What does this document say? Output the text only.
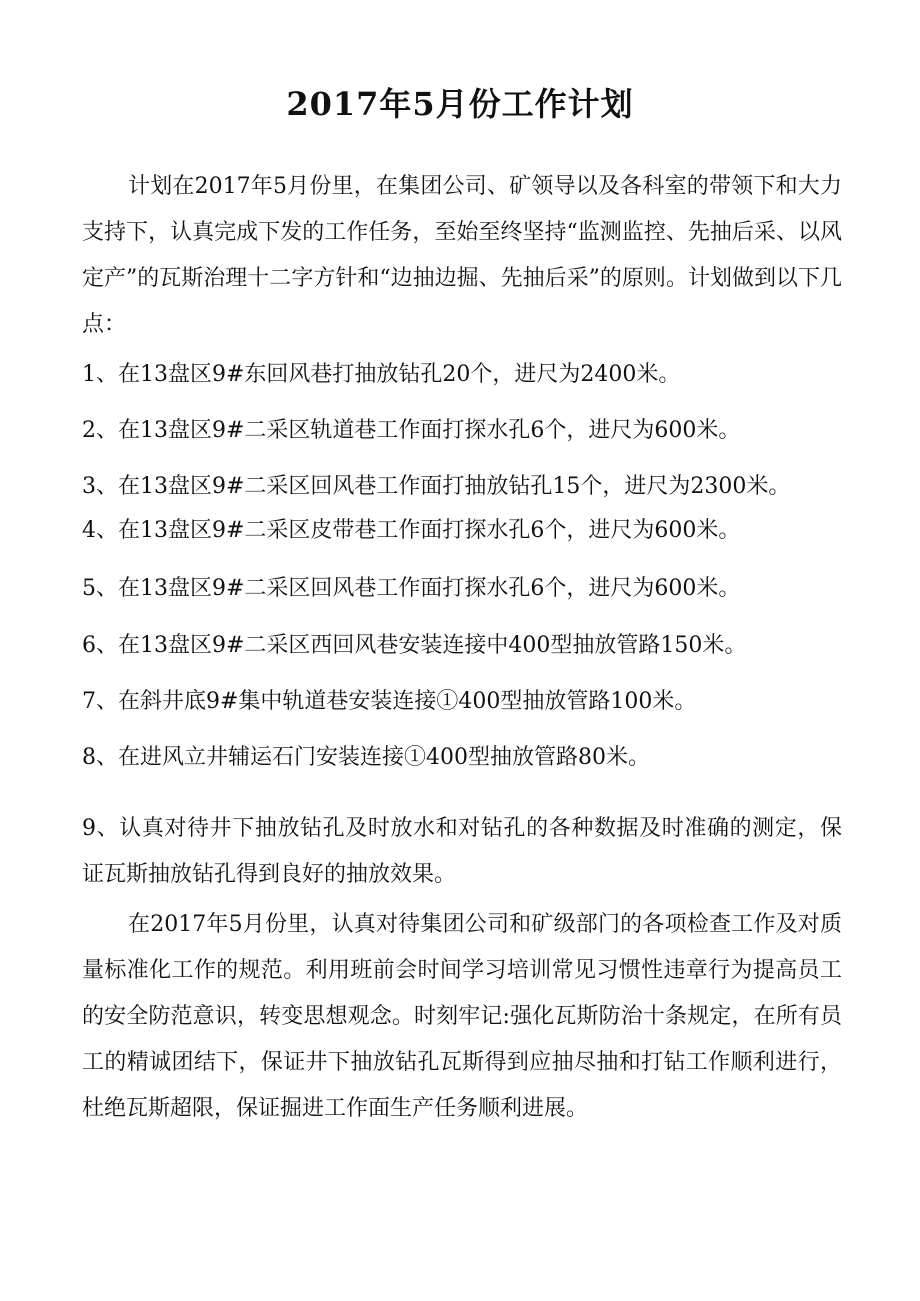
2017年5月份工作计划

计划在2017年5月份里，在集团公司、矿领导以及各科室的带领下和大力支持下，认真完成下发的工作任务，至始至终坚持“监测监控、先抽后采、以风定产”的瓦斯治理十二字方针和“边抽边掘、先抽后采”的原则。计划做到以下几点：

1、在13盘区9#东回风巷打抽放钻孔20个，进尺为2400米。

2、在13盘区9#二采区轨道巷工作面打探水孔6个，进尺为600米。

3、在13盘区9#二采区回风巷工作面打抽放钻孔15个，进尺为2300米。

4、在13盘区9#二采区皮带巷工作面打探水孔6个，进尺为600米。

5、在13盘区9#二采区回风巷工作面打探水孔6个，进尺为600米。

6、在13盘区9#二采区西回风巷安装连接中400型抽放管路150米。

7、在斜井底9#集中轨道巷安装连接①400型抽放管路100米。

8、在进风立井辅运石门安装连接①400型抽放管路80米。

9、认真对待井下抽放钻孔及时放水和对钻孔的各种数据及时准确的测定，保证瓦斯抽放钻孔得到良好的抽放效果。

在2017年5月份里，认真对待集团公司和矿级部门的各项检查工作及对质量标准化工作的规范。利用班前会时间学习培训常见习惯性违章行为提高员工的安全防范意识，转变思想观念。时刻牢记:强化瓦斯防治十条规定，在所有员工的精诚团结下，保证井下抽放钻孔瓦斯得到应抽尽抽和打钻工作顺利进行，杜绝瓦斯超限，保证掘进工作面生产任务顺利进展。
